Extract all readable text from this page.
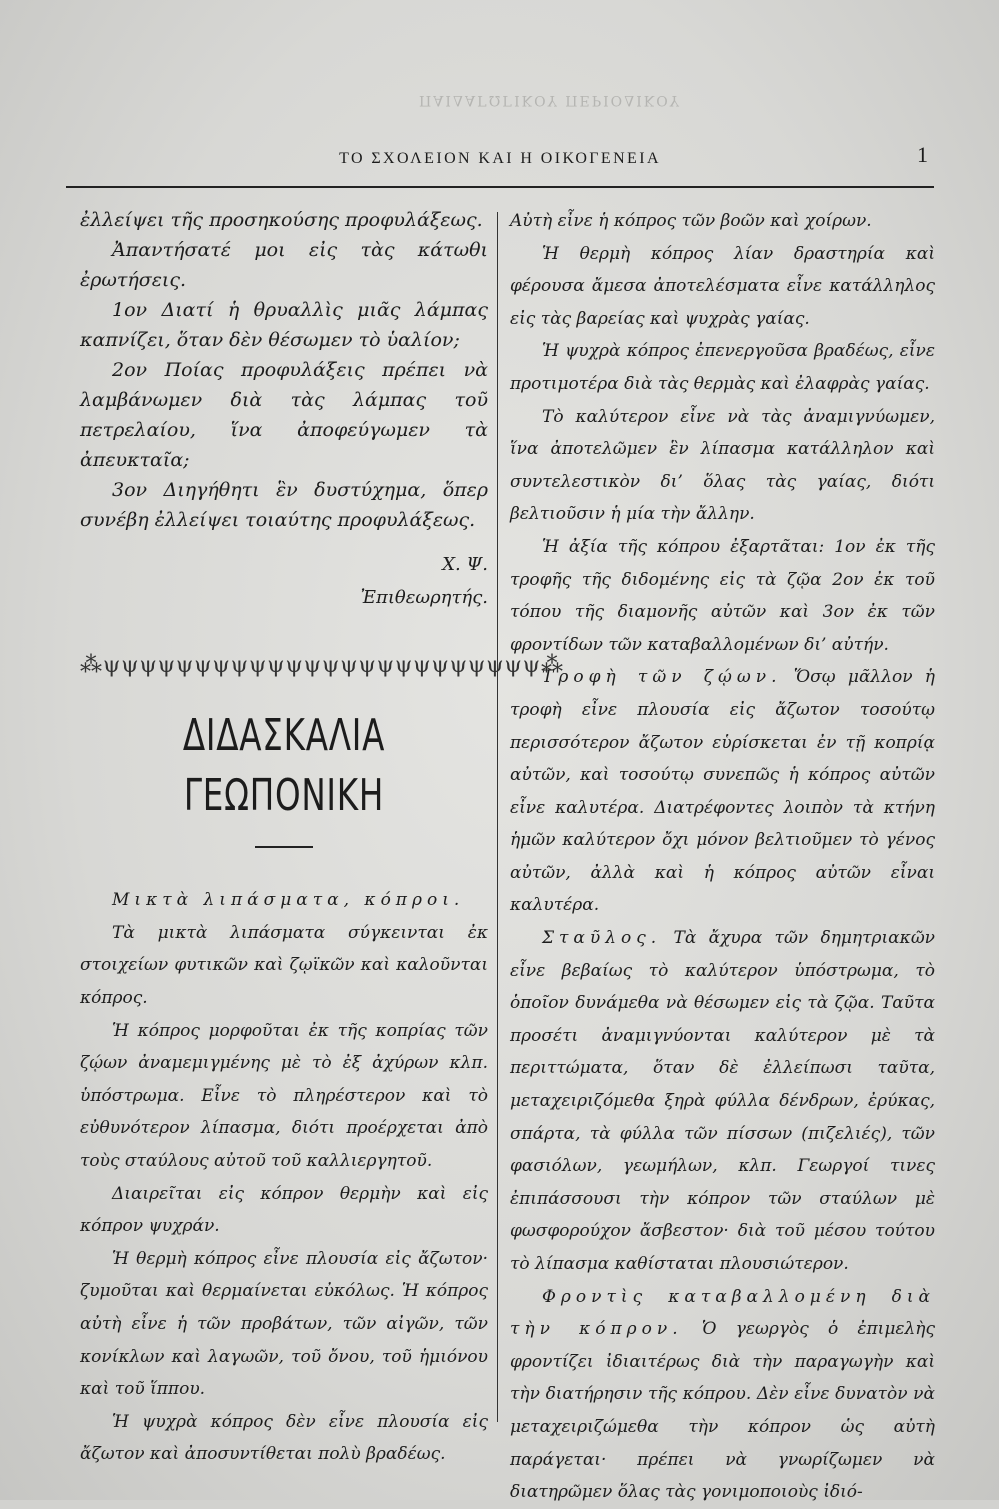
ΠΑΙΔΑΓΩΓΙΚΟΥ ΠΕΡΙΟΔΙΚΟΥ
ΤΟ ΣΧΟΛΕΙΟΝ ΚΑΙ Η ΟΙΚΟΓΕΝΕΙΑ	1

ἐλλείψει τῆς προσηκούσης προφυλάξεως.

Ἀπαντήσατέ μοι εἰς τὰς κάτωθι ἐρωτήσεις.

1ον Διατί ἡ θρυαλλὶς μιᾶς λάμπας καπνίζει, ὅταν δὲν θέσωμεν τὸ ὑαλίον;

2ον Ποίας προφυλάξεις πρέπει νὰ λαμβάνωμεν διὰ τὰς λάμπας τοῦ πετρελαίου, ἵνα ἀποφεύγωμεν τὰ ἀπευκταῖα;

3ον Διηγήθητι ἓν δυστύχημα, ὅπερ συνέβη ἐλλείψει τοιαύτης προφυλάξεως.

Χ. Ψ.

Ἐπιθεωρητής.

⁂ψψψψψψψψψψψψψψψψψψψψψψψψ⁂
ΔΙΔΑΣΚΑΛΙΑ ΓΕΩΠΟΝΙΚΗ

Μικτὰ λιπάσματα, κόπροι.

Τὰ μικτὰ λιπάσματα σύγκεινται ἐκ στοιχείων φυτικῶν καὶ ζῳϊκῶν καὶ καλοῦνται κόπρος.

Ἡ κόπρος μορφοῦται ἐκ τῆς κοπρίας τῶν ζῴων ἀναμεμιγμένης μὲ τὸ ἐξ ἀχύρων κλπ. ὑπόστρωμα. Εἶνε τὸ πληρέστερον καὶ τὸ εὐθυνότερον λίπασμα, διότι προέρχεται ἀπὸ τοὺς σταύλους αὐτοῦ τοῦ καλλιεργητοῦ.

Διαιρεῖται εἰς κόπρον θερμὴν καὶ εἰς κόπρον ψυχράν.

Ἡ θερμὴ κόπρος εἶνε πλουσία εἰς ἄζωτον· ζυμοῦται καὶ θερμαίνεται εὐκόλως. Ἡ κόπρος αὐτὴ εἶνε ἡ τῶν προβάτων, τῶν αἰγῶν, τῶν κονίκλων καὶ λαγωῶν, τοῦ ὄνου, τοῦ ἡμιόνου καὶ τοῦ ἵππου.

Ἡ ψυχρὰ κόπρος δὲν εἶνε πλουσία εἰς ἄζωτον καὶ ἀποσυντίθεται πολὺ βραδέως.

Αὐτὴ εἶνε ἡ κόπρος τῶν βοῶν καὶ χοίρων.

Ἡ θερμὴ κόπρος λίαν δραστηρία καὶ φέρουσα ἄμεσα ἀποτελέσματα εἶνε κατάλληλος εἰς τὰς βαρείας καὶ ψυχρὰς γαίας.

Ἡ ψυχρὰ κόπρος ἐπενεργοῦσα βραδέως, εἶνε προτιμοτέρα διὰ τὰς θερμὰς καὶ ἐλαφρὰς γαίας.

Τὸ καλύτερον εἶνε νὰ τὰς ἀναμιγνύωμεν, ἵνα ἀποτελῶμεν ἓν λίπασμα κατάλληλον καὶ συντελεστικὸν δι’ ὅλας τὰς γαίας, διότι βελτιοῦσιν ἡ μία τὴν ἄλλην.

Ἡ ἀξία τῆς κόπρου ἐξαρτᾶται: 1ον ἐκ τῆς τροφῆς τῆς διδομένης εἰς τὰ ζῷα 2ον ἐκ τοῦ τόπου τῆς διαμονῆς αὐτῶν καὶ 3ον ἐκ τῶν φροντίδων τῶν καταβαλλομένων δι’ αὐτήν.

Τροφὴ τῶν ζῴων. Ὅσῳ μᾶλλον ἡ τροφὴ εἶνε πλουσία εἰς ἄζωτον τοσούτῳ περισσότερον ἄζωτον εὑρίσκεται ἐν τῇ κοπρίᾳ αὐτῶν, καὶ τοσούτῳ συνεπῶς ἡ κόπρος αὐτῶν εἶνε καλυτέρα. Διατρέφοντες λοιπὸν τὰ κτήνη ἡμῶν καλύτερον ὄχι μόνον βελτιοῦμεν τὸ γένος αὐτῶν, ἀλλὰ καὶ ἡ κόπρος αὐτῶν εἶναι καλυτέρα.

Σταῦλος. Τὰ ἄχυρα τῶν δημητριακῶν εἶνε βεβαίως τὸ καλύτερον ὑπόστρωμα, τὸ ὁποῖον δυνάμεθα νὰ θέσωμεν εἰς τὰ ζῷα. Ταῦτα προσέτι ἀναμιγνύονται καλύτερον μὲ τὰ περιττώματα, ὅταν δὲ ἐλλείπωσι ταῦτα, μεταχειριζόμεθα ξηρὰ φύλλα δένδρων, ἐρύκας, σπάρτα, τὰ φύλλα τῶν πίσσων (πιζελιές), τῶν φασιόλων, γεωμήλων, κλπ. Γεωργοί τινες ἐπιπάσσουσι τὴν κόπρον τῶν σταύλων μὲ φωσφορούχον ἄσβεστον· διὰ τοῦ μέσου τούτου τὸ λίπασμα καθίσταται πλουσιώτερον.

Φροντὶς καταβαλλομένη διὰ τὴν κόπρον. Ὁ γεωργὸς ὁ ἐπιμελὴς φροντίζει ἰδιαιτέρως διὰ τὴν παραγωγὴν καὶ τὴν διατήρησιν τῆς κόπρου. Δὲν εἶνε δυνατὸν νὰ μεταχειριζώμεθα τὴν κόπρον ὡς αὐτὴ παράγεται· πρέπει νὰ γνωρίζωμεν νὰ διατηρῶμεν ὅλας τὰς γονιμοποιοὺς ἰδιό-
